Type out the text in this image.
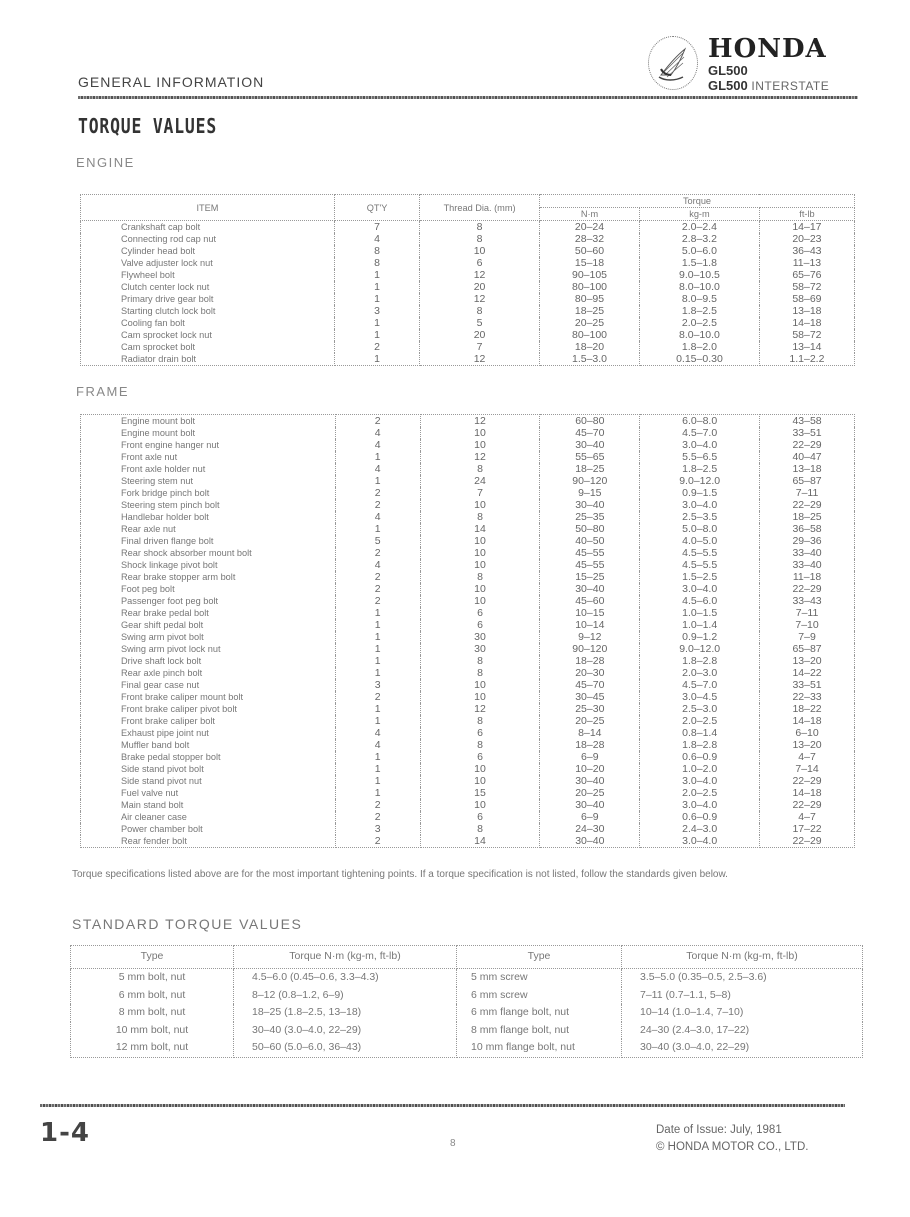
GENERAL INFORMATION
HONDA
GL500
GL500 INTERSTATE
TORQUE VALUES
ENGINE
ITEM	QT'Y	Thread Dia. (mm)	Torque		
			N·m	kg-m	ft-lb
Crankshaft cap bolt	7	8	20–24	2.0–2.4	14–17
Connecting rod cap nut	4	8	28–32	2.8–3.2	20–23
Cylinder head bolt	8	10	50–60	5.0–6.0	36–43
Valve adjuster lock nut	8	6	15–18	1.5–1.8	11–13
Flywheel bolt	1	12	90–105	9.0–10.5	65–76
Clutch center lock nut	1	20	80–100	8.0–10.0	58–72
Primary drive gear bolt	1	12	80–95	8.0–9.5	58–69
Starting clutch lock bolt	3	8	18–25	1.8–2.5	13–18
Cooling fan bolt	1	5	20–25	2.0–2.5	14–18
Cam sprocket lock nut	1	20	80–100	8.0–10.0	58–72
Cam sprocket bolt	2	7	18–20	1.8–2.0	13–14
Radiator drain bolt	1	12	1.5–3.0	0.15–0.30	1.1–2.2
FRAME
Engine mount bolt	2	12	60–80	6.0–8.0	43–58
Engine mount bolt	4	10	45–70	4.5–7.0	33–51
Front engine hanger nut	4	10	30–40	3.0–4.0	22–29
Front axle nut	1	12	55–65	5.5–6.5	40–47
Front axle holder nut	4	8	18–25	1.8–2.5	13–18
Steering stem nut	1	24	90–120	9.0–12.0	65–87
Fork bridge pinch bolt	2	7	9–15	0.9–1.5	7–11
Steering stem pinch bolt	2	10	30–40	3.0–4.0	22–29
Handlebar holder bolt	4	8	25–35	2.5–3.5	18–25
Rear axle nut	1	14	50–80	5.0–8.0	36–58
Final driven flange bolt	5	10	40–50	4.0–5.0	29–36
Rear shock absorber mount bolt	2	10	45–55	4.5–5.5	33–40
Shock linkage pivot bolt	4	10	45–55	4.5–5.5	33–40
Rear brake stopper arm bolt	2	8	15–25	1.5–2.5	11–18
Foot peg bolt	2	10	30–40	3.0–4.0	22–29
Passenger foot peg bolt	2	10	45–60	4.5–6.0	33–43
Rear brake pedal bolt	1	6	10–15	1.0–1.5	7–11
Gear shift pedal bolt	1	6	10–14	1.0–1.4	7–10
Swing arm pivot bolt	1	30	9–12	0.9–1.2	7–9
Swing arm pivot lock nut	1	30	90–120	9.0–12.0	65–87
Drive shaft lock bolt	1	8	18–28	1.8–2.8	13–20
Rear axle pinch bolt	1	8	20–30	2.0–3.0	14–22
Final gear case nut	3	10	45–70	4.5–7.0	33–51
Front brake caliper mount bolt	2	10	30–45	3.0–4.5	22–33
Front brake caliper pivot bolt	1	12	25–30	2.5–3.0	18–22
Front brake caliper bolt	1	8	20–25	2.0–2.5	14–18
Exhaust pipe joint nut	4	6	8–14	0.8–1.4	6–10
Muffler band bolt	4	8	18–28	1.8–2.8	13–20
Brake pedal stopper bolt	1	6	6–9	0.6–0.9	4–7
Side stand pivot bolt	1	10	10–20	1.0–2.0	7–14
Side stand pivot nut	1	10	30–40	3.0–4.0	22–29
Fuel valve nut	1	15	20–25	2.0–2.5	14–18
Main stand bolt	2	10	30–40	3.0–4.0	22–29
Air cleaner case	2	6	6–9	0.6–0.9	4–7
Power chamber bolt	3	8	24–30	2.4–3.0	17–22
Rear fender bolt	2	14	30–40	3.0–4.0	22–29
Torque specifications listed above are for the most important tightening points. If a torque specification is not listed, follow the standards given below.
STANDARD TORQUE VALUES
Type	Torque N·m (kg-m, ft-lb)	Type	Torque N·m (kg-m, ft-lb)
5 mm bolt, nut	4.5–6.0 (0.45–0.6, 3.3–4.3)	5 mm screw	3.5–5.0 (0.35–0.5, 2.5–3.6)
6 mm bolt, nut	8–12 (0.8–1.2, 6–9)	6 mm screw	7–11 (0.7–1.1, 5–8)
8 mm bolt, nut	18–25 (1.8–2.5, 13–18)	6 mm flange bolt, nut	10–14 (1.0–1.4, 7–10)
10 mm bolt, nut	30–40 (3.0–4.0, 22–29)	8 mm flange bolt, nut	24–30 (2.4–3.0, 17–22)
12 mm bolt, nut	50–60 (5.0–6.0, 36–43)	10 mm flange bolt, nut	30–40 (3.0–4.0, 22–29)
1-4	8
Date of Issue: July, 1981
© HONDA MOTOR CO., LTD.
